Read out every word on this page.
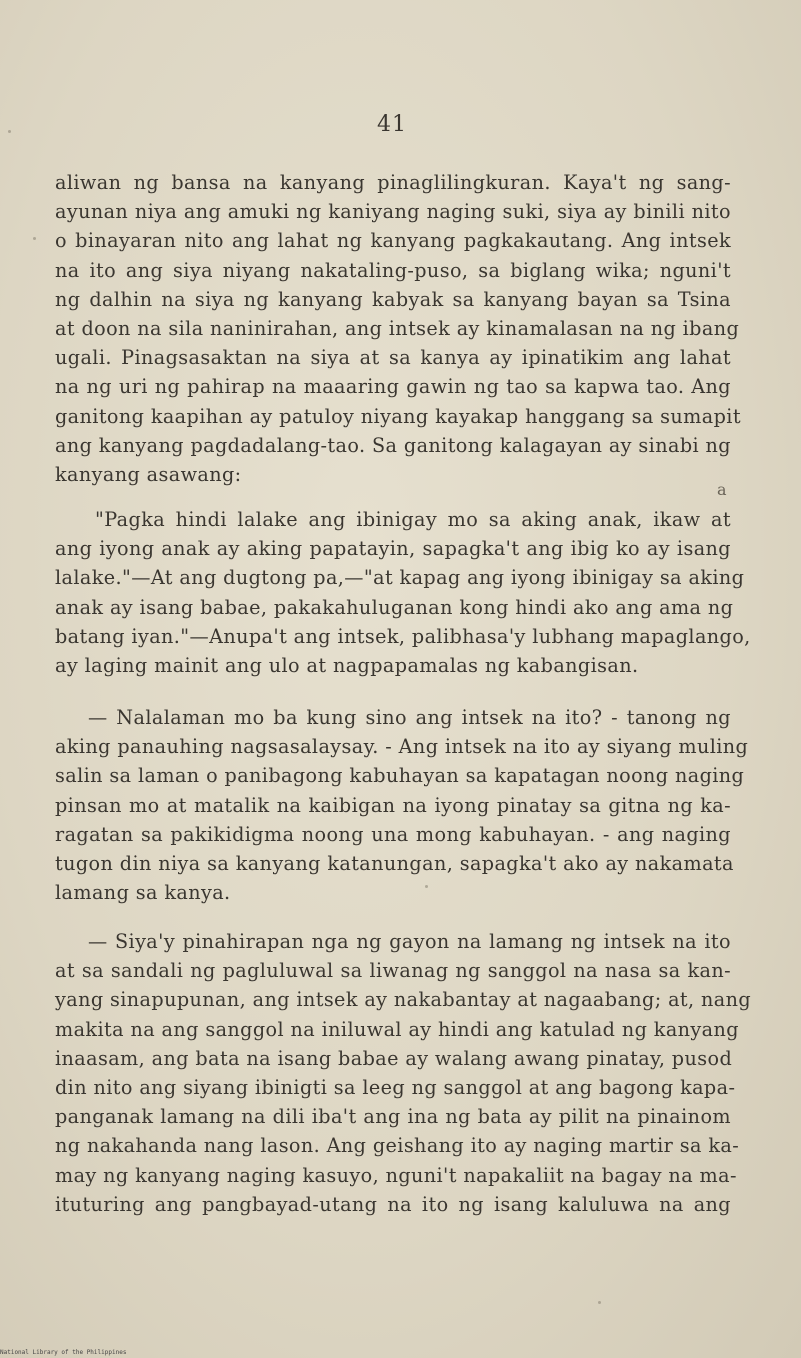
41
aliwan ng bansa na kanyang pinaglilingkuran. Kaya't ng sang-
ayunan niya ang amuki ng kaniyang naging suki, siya ay binili nito
o binayaran nito ang lahat ng kanyang pagkakautang. Ang intsek
na ito ang siya niyang nakataling-puso, sa biglang wika; nguni't
ng dalhin na siya ng kanyang kabyak sa kanyang bayan sa Tsina
at doon na sila naninirahan, ang intsek ay kinamalasan na ng ibang
ugali. Pinagsasaktan na siya at sa kanya ay ipinatikim ang lahat
na ng uri ng pahirap na maaaring gawin ng tao sa kapwa tao. Ang
ganitong kaapihan ay patuloy niyang kayakap hanggang sa sumapit
ang kanyang pagdadalang-tao. Sa ganitong kalagayan ay sinabi ng
kanyang asawang:
a
"Pagka hindi lalake ang ibinigay mo sa aking anak, ikaw at
ang iyong anak ay aking papatayin, sapagka't ang ibig ko ay isang
lalake."—At ang dugtong pa,—"at kapag ang iyong ibinigay sa aking
anak ay isang babae, pakakahuluganan kong hindi ako ang ama ng
batang iyan."—Anupa't ang intsek, palibhasa'y lubhang mapaglango,
ay laging mainit ang ulo at nagpapamalas ng kabangisan.
— Nalalaman mo ba kung sino ang intsek na ito? - tanong ng
aking panauhing nagsasalaysay. - Ang intsek na ito ay siyang muling
salin sa laman o panibagong kabuhayan sa kapatagan noong naging
pinsan mo at matalik na kaibigan na iyong pinatay sa gitna ng ka-
ragatan sa pakikidigma noong una mong kabuhayan. - ang naging
tugon din niya sa kanyang katanungan, sapagka't ako ay nakamata
lamang sa kanya.
— Siya'y pinahirapan nga ng gayon na lamang ng intsek na ito
at sa sandali ng pagluluwal sa liwanag ng sanggol na nasa sa kan-
yang sinapupunan, ang intsek ay nakabantay at nagaabang; at, nang
makita na ang sanggol na iniluwal ay hindi ang katulad ng kanyang
inaasam, ang bata na isang babae ay walang awang pinatay, pusod
din nito ang siyang ibinigti sa leeg ng sanggol at ang bagong kapa-
panganak lamang na dili iba't ang ina ng bata ay pilit na pinainom
ng nakahanda nang lason. Ang geishang ito ay naging martir sa ka-
may ng kanyang naging kasuyo, nguni't napakaliit na bagay na ma-
ituturing ang pangbayad-utang na ito ng isang kaluluwa na ang
National Library of the Philippines
